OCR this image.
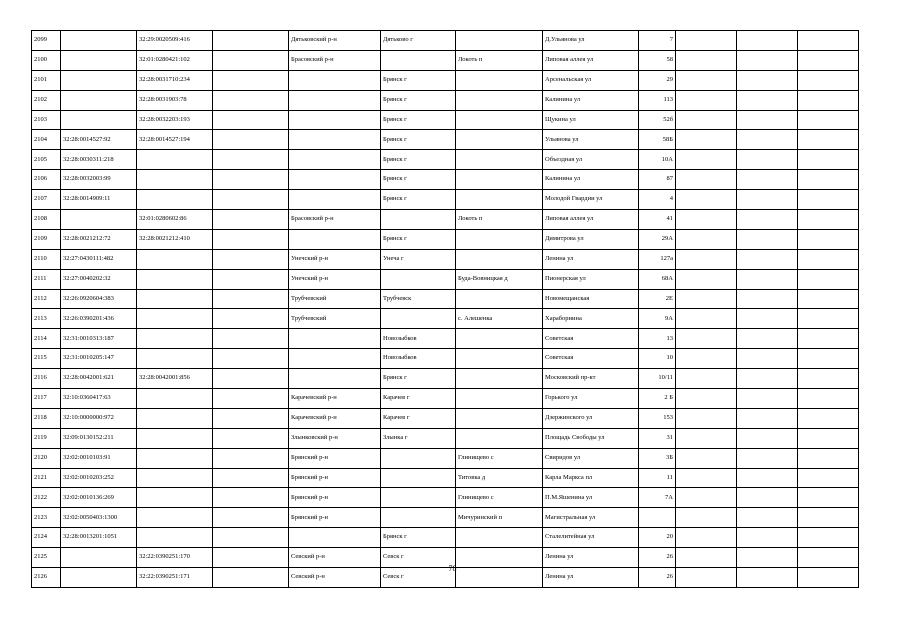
2099		32:29:0020509:416		Дятьковский р-н	Дятьково г		Д.Ульянова ул	7			
2100		32:01:0280421:102		Брасовский р-н		Локоть п	Липовая аллея ул	58			
2101		32:28:0031710:234			Брянск г		Арсенальская ул	29			
2102		32:28:0031903:78			Брянск г		Калинина ул	113			
2103		32:28:0032203:193			Брянск г		Щукина ул	52б			
2104	32:28:0014527:92	32:28:0014527:194			Брянск г		Ульянова ул	58Б			
2105	32:28:0030311:218				Брянск г		Объездная ул	10А			
2106	32:28:0032003:99				Брянск г		Калинина ул	87			
2107	32:28:0014909:11				Брянск г		Молодой Гвардии ул	4			
2108		32:01:0280602:86		Брасовский р-н		Локоть п	Липовая аллея ул	41			
2109	32:28:0021212:72	32:28:0021212:410			Брянск г		Димитрова ул	29А			
2110	32:27:0430111:482			Унечский р-н	Унеча г		Ленина ул	127а			
2111	32:27:0040202:32			Унечский р-н		Буда-Вовницкая д	Пионерская ул	68А			
2112	32:26:0920604:383			Трубчевский	Трубчевск		Новомещанская	2Е			
2113	32:26:0390201:436			Трубчевский		с. Алешенка	Харабориина	9А			
2114	32:31:0010313:187				Новозыбков		Советская	13			
2115	32:31:0010205:147				Новозыбков		Советская	10			
2116	32:28:0042001:621	32:28:0042001:856			Брянск г		Московский пр-кт	10/11			
2117	32:10:0360417:63			Карачевский р-н	Карачев г		Горького ул	2 Б			
2118	32:10:0000000:972			Карачевский р-н	Карачев г		Дзержинского ул	153			
2119	32:09:0130152:211			Злынковский р-н	Злынка г		Площадь Свободы ул	31			
2120	32:02:0010103:91			Брянский р-н		Глинищево с	Свиридов ул	3Б			
2121	32:02:0010203:252			Брянский р-н		Титовка д	Карла Маркса пл	11			
2122	32:02:0010136:269			Брянский р-н		Глинищево с	П.М.Яшенина ул	7А			
2123	32:02:0050403:1300			Брянский р-н		Мичуринский п	Магистральная ул				
2124	32:28:0013201:1051				Брянск г		Сталелитейная ул	20			
2125		32:22:0390251:170		Севский р-н	Севск г		Ленина ул	26			
2126		32:22:0390251:171		Севский р-н	Севск г		Ленина ул	26			
78
